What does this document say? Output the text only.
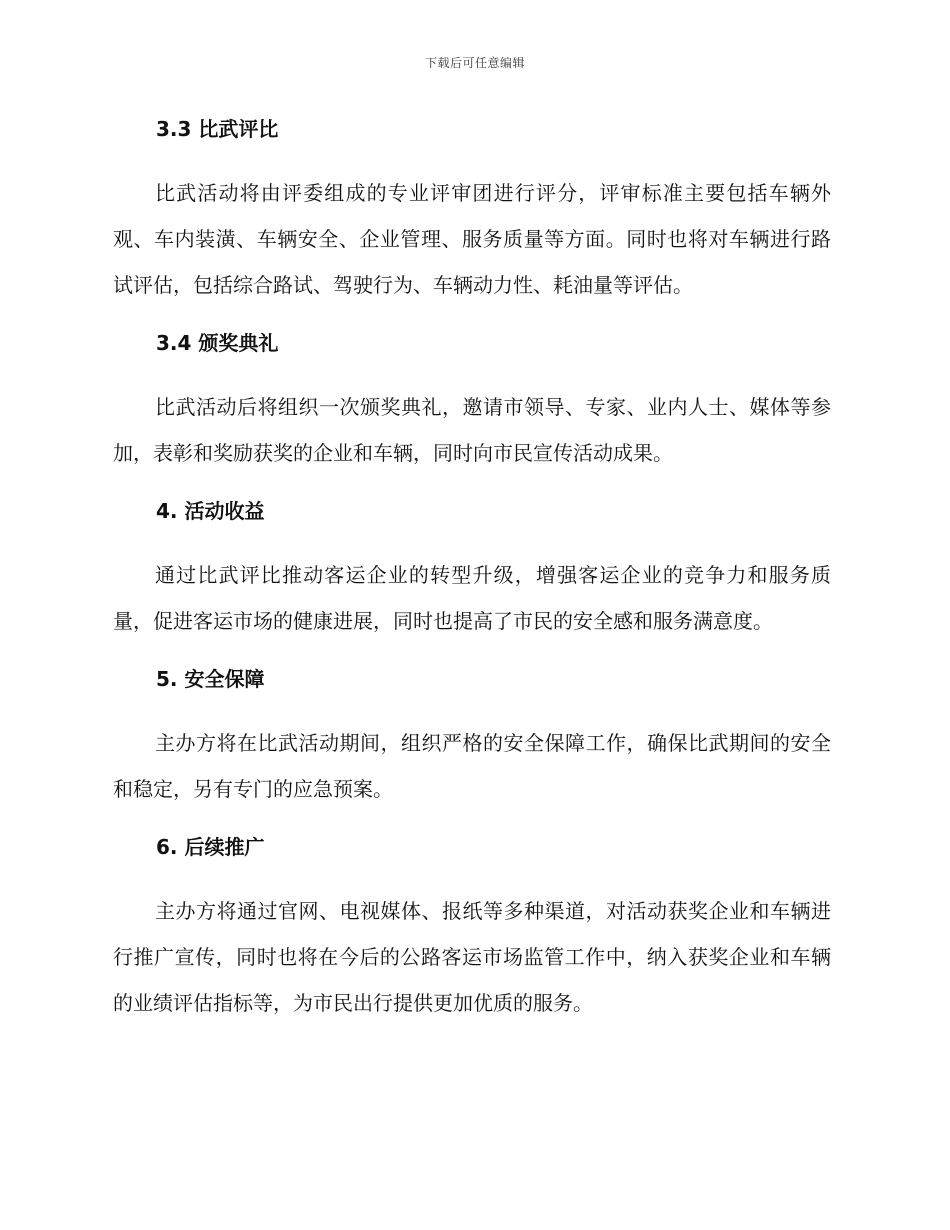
下载后可任意编辑
3.3 比武评比

比武活动将由评委组成的专业评审团进行评分，评审标准主要包括车辆外观、车内装潢、车辆安全、企业管理、服务质量等方面。同时也将对车辆进行路试评估，包括综合路试、驾驶行为、车辆动力性、耗油量等评估。

3.4 颁奖典礼

比武活动后将组织一次颁奖典礼，邀请市领导、专家、业内人士、媒体等参加，表彰和奖励获奖的企业和车辆，同时向市民宣传活动成果。

4. 活动收益

通过比武评比推动客运企业的转型升级，增强客运企业的竞争力和服务质量，促进客运市场的健康进展，同时也提高了市民的安全感和服务满意度。

5. 安全保障

主办方将在比武活动期间，组织严格的安全保障工作，确保比武期间的安全和稳定，另有专门的应急预案。

6. 后续推广

主办方将通过官网、电视媒体、报纸等多种渠道，对活动获奖企业和车辆进行推广宣传，同时也将在今后的公路客运市场监管工作中，纳入获奖企业和车辆的业绩评估指标等，为市民出行提供更加优质的服务。
